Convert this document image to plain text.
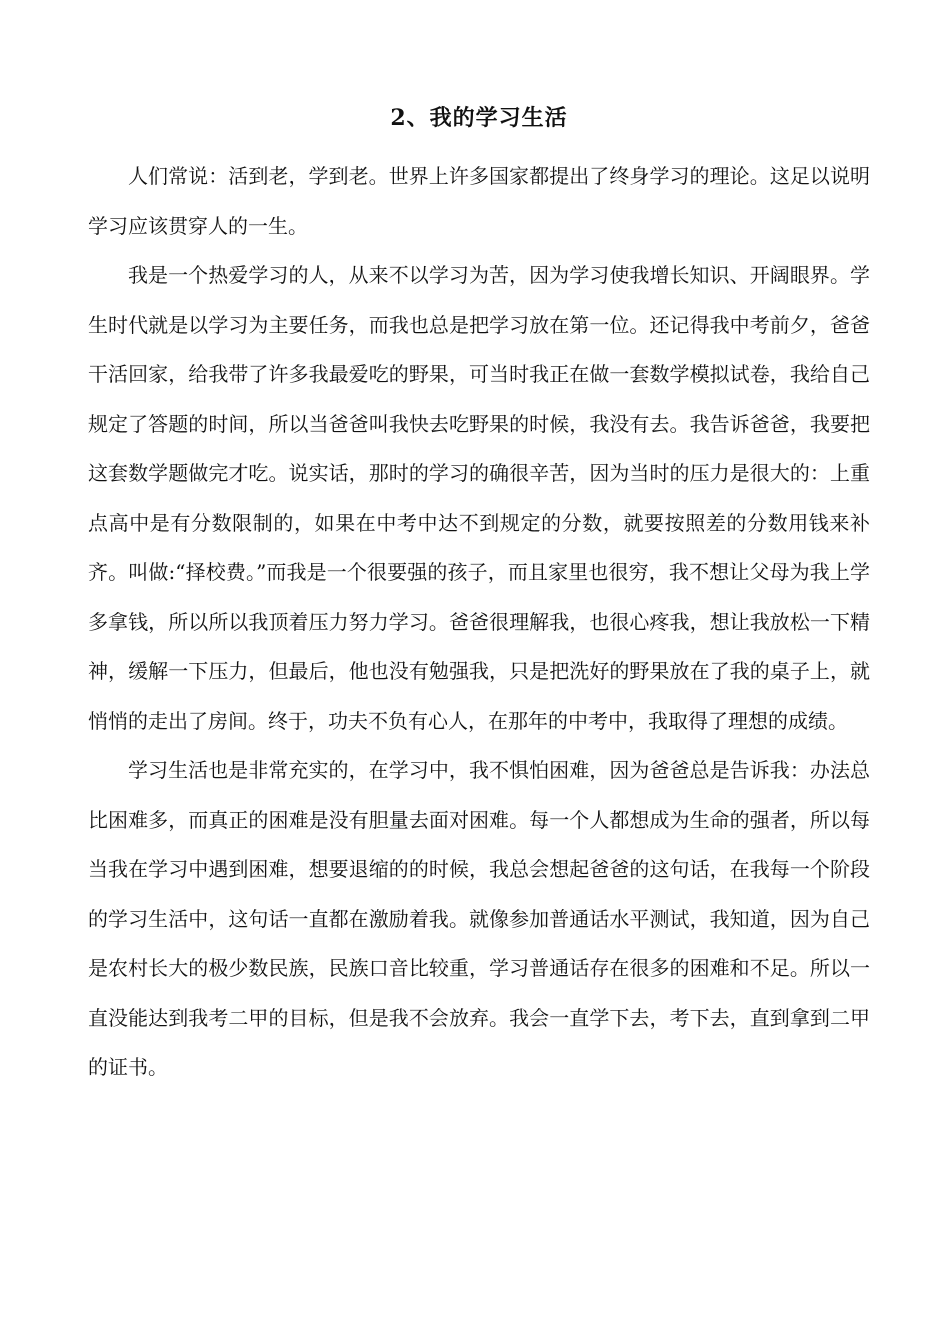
2、我的学习生活

人们常说：活到老，学到老。世界上许多国家都提出了终身学习的理论。这足以说明学习应该贯穿人的一生。

我是一个热爱学习的人，从来不以学习为苦，因为学习使我增长知识、开阔眼界。学生时代就是以学习为主要任务，而我也总是把学习放在第一位。还记得我中考前夕，爸爸干活回家，给我带了许多我最爱吃的野果，可当时我正在做一套数学模拟试卷，我给自己规定了答题的时间，所以当爸爸叫我快去吃野果的时候，我没有去。我告诉爸爸，我要把这套数学题做完才吃。说实话，那时的学习的确很辛苦，因为当时的压力是很大的：上重点高中是有分数限制的，如果在中考中达不到规定的分数，就要按照差的分数用钱来补齐。叫做:“择校费。”而我是一个很要强的孩子，而且家里也很穷，我不想让父母为我上学多拿钱，所以所以我顶着压力努力学习。爸爸很理解我，也很心疼我，想让我放松一下精神，缓解一下压力，但最后，他也没有勉强我，只是把洗好的野果放在了我的桌子上，就悄悄的走出了房间。终于，功夫不负有心人，在那年的中考中，我取得了理想的成绩。

学习生活也是非常充实的，在学习中，我不惧怕困难，因为爸爸总是告诉我：办法总比困难多，而真正的困难是没有胆量去面对困难。每一个人都想成为生命的强者，所以每当我在学习中遇到困难，想要退缩的的时候，我总会想起爸爸的这句话，在我每一个阶段的学习生活中，这句话一直都在激励着我。就像参加普通话水平测试，我知道，因为自己是农村长大的极少数民族，民族口音比较重，学习普通话存在很多的困难和不足。所以一直没能达到我考二甲的目标，但是我不会放弃。我会一直学下去，考下去，直到拿到二甲的证书。
